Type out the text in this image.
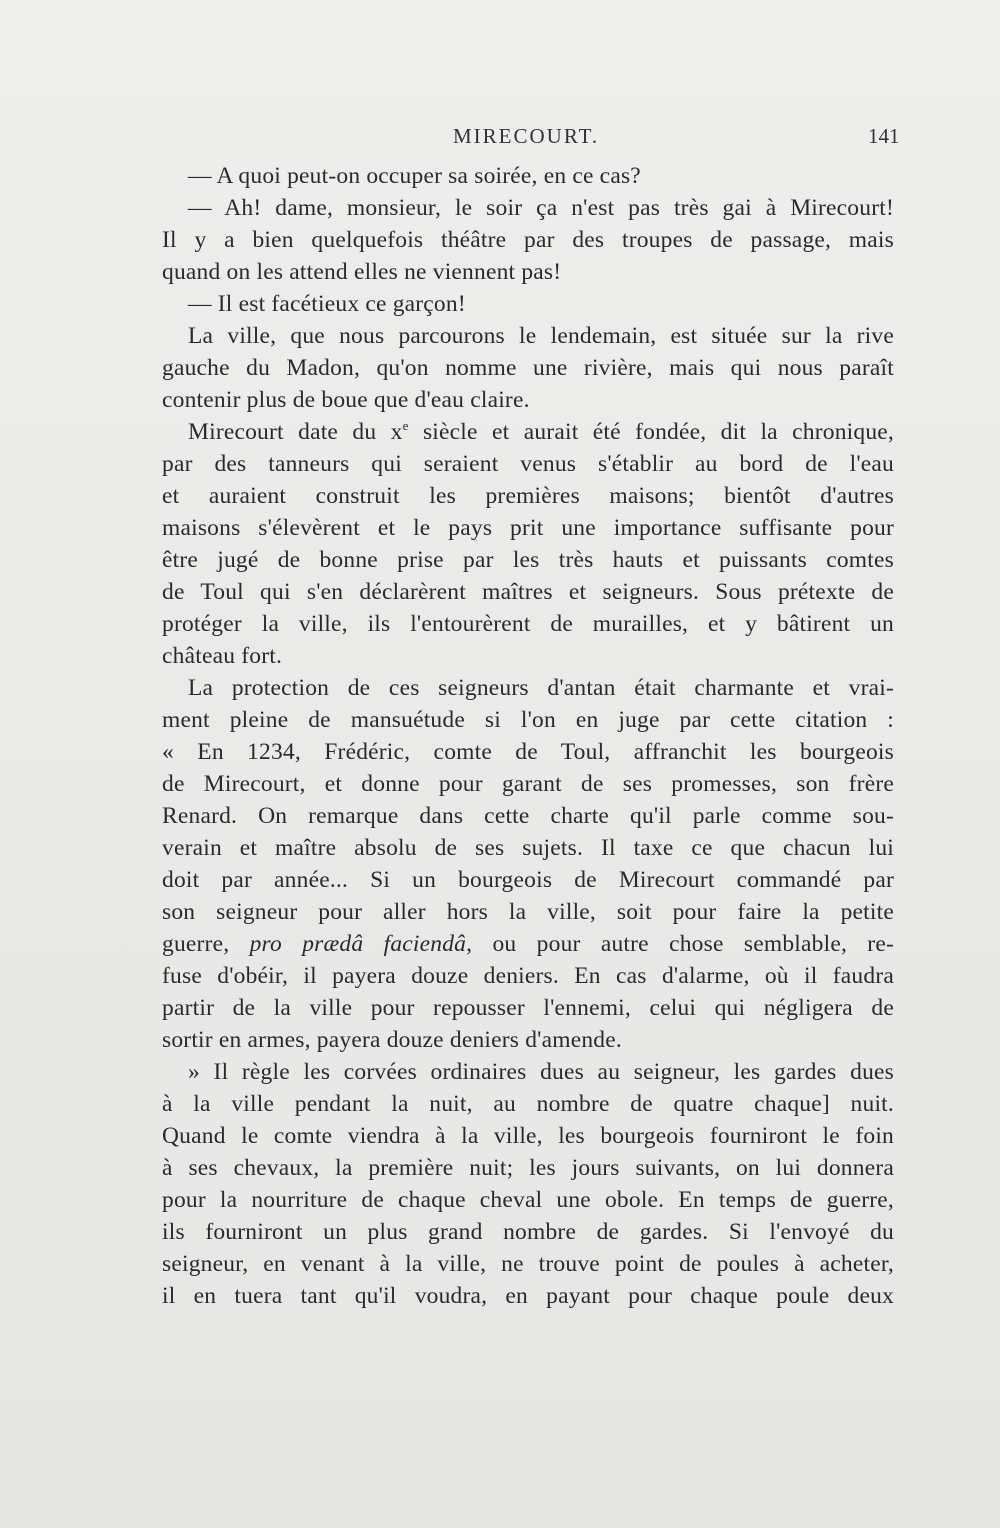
MIRECOURT.	141
— A quoi peut-on occuper sa soirée, en ce cas?
— Ah! dame, monsieur, le soir ça n'est pas très gai à Mirecourt!
Il y a bien quelquefois théâtre par des troupes de passage, mais
quand on les attend elles ne viennent pas!
— Il est facétieux ce garçon!
La ville, que nous parcourons le lendemain, est située sur la rive
gauche du Madon, qu'on nomme une rivière, mais qui nous paraît
contenir plus de boue que d'eau claire.
Mirecourt date du $x^e$ siècle et aurait été fondée, dit la chronique,
par des tanneurs qui seraient venus s'établir au bord de l'eau
et auraient construit les premières maisons; bientôt d'autres
maisons s'élevèrent et le pays prit une importance suffisante pour
être jugé de bonne prise par les très hauts et puissants comtes
de Toul qui s'en déclarèrent maîtres et seigneurs. Sous prétexte de
protéger la ville, ils l'entourèrent de murailles, et y bâtirent un
château fort.
La protection de ces seigneurs d'antan était charmante et vrai-
ment pleine de mansuétude si l'on en juge par cette citation :
« En 1234, Frédéric, comte de Toul, affranchit les bourgeois
de Mirecourt, et donne pour garant de ses promesses, son frère
Renard. On remarque dans cette charte qu'il parle comme sou-
verain et maître absolu de ses sujets. Il taxe ce que chacun lui
doit par année... Si un bourgeois de Mirecourt commandé par
son seigneur pour aller hors la ville, soit pour faire la petite
guerre, pro prædâ faciendâ, ou pour autre chose semblable, re-
fuse d'obéir, il payera douze deniers. En cas d'alarme, où il faudra
partir de la ville pour repousser l'ennemi, celui qui négligera de
sortir en armes, payera douze deniers d'amende.
» Il règle les corvées ordinaires dues au seigneur, les gardes dues
à la ville pendant la nuit, au nombre de quatre chaque] nuit.
Quand le comte viendra à la ville, les bourgeois fourniront le foin
à ses chevaux, la première nuit; les jours suivants, on lui donnera
pour la nourriture de chaque cheval une obole. En temps de guerre,
ils fourniront un plus grand nombre de gardes. Si l'envoyé du
seigneur, en venant à la ville, ne trouve point de poules à acheter,
il en tuera tant qu'il voudra, en payant pour chaque poule deux
